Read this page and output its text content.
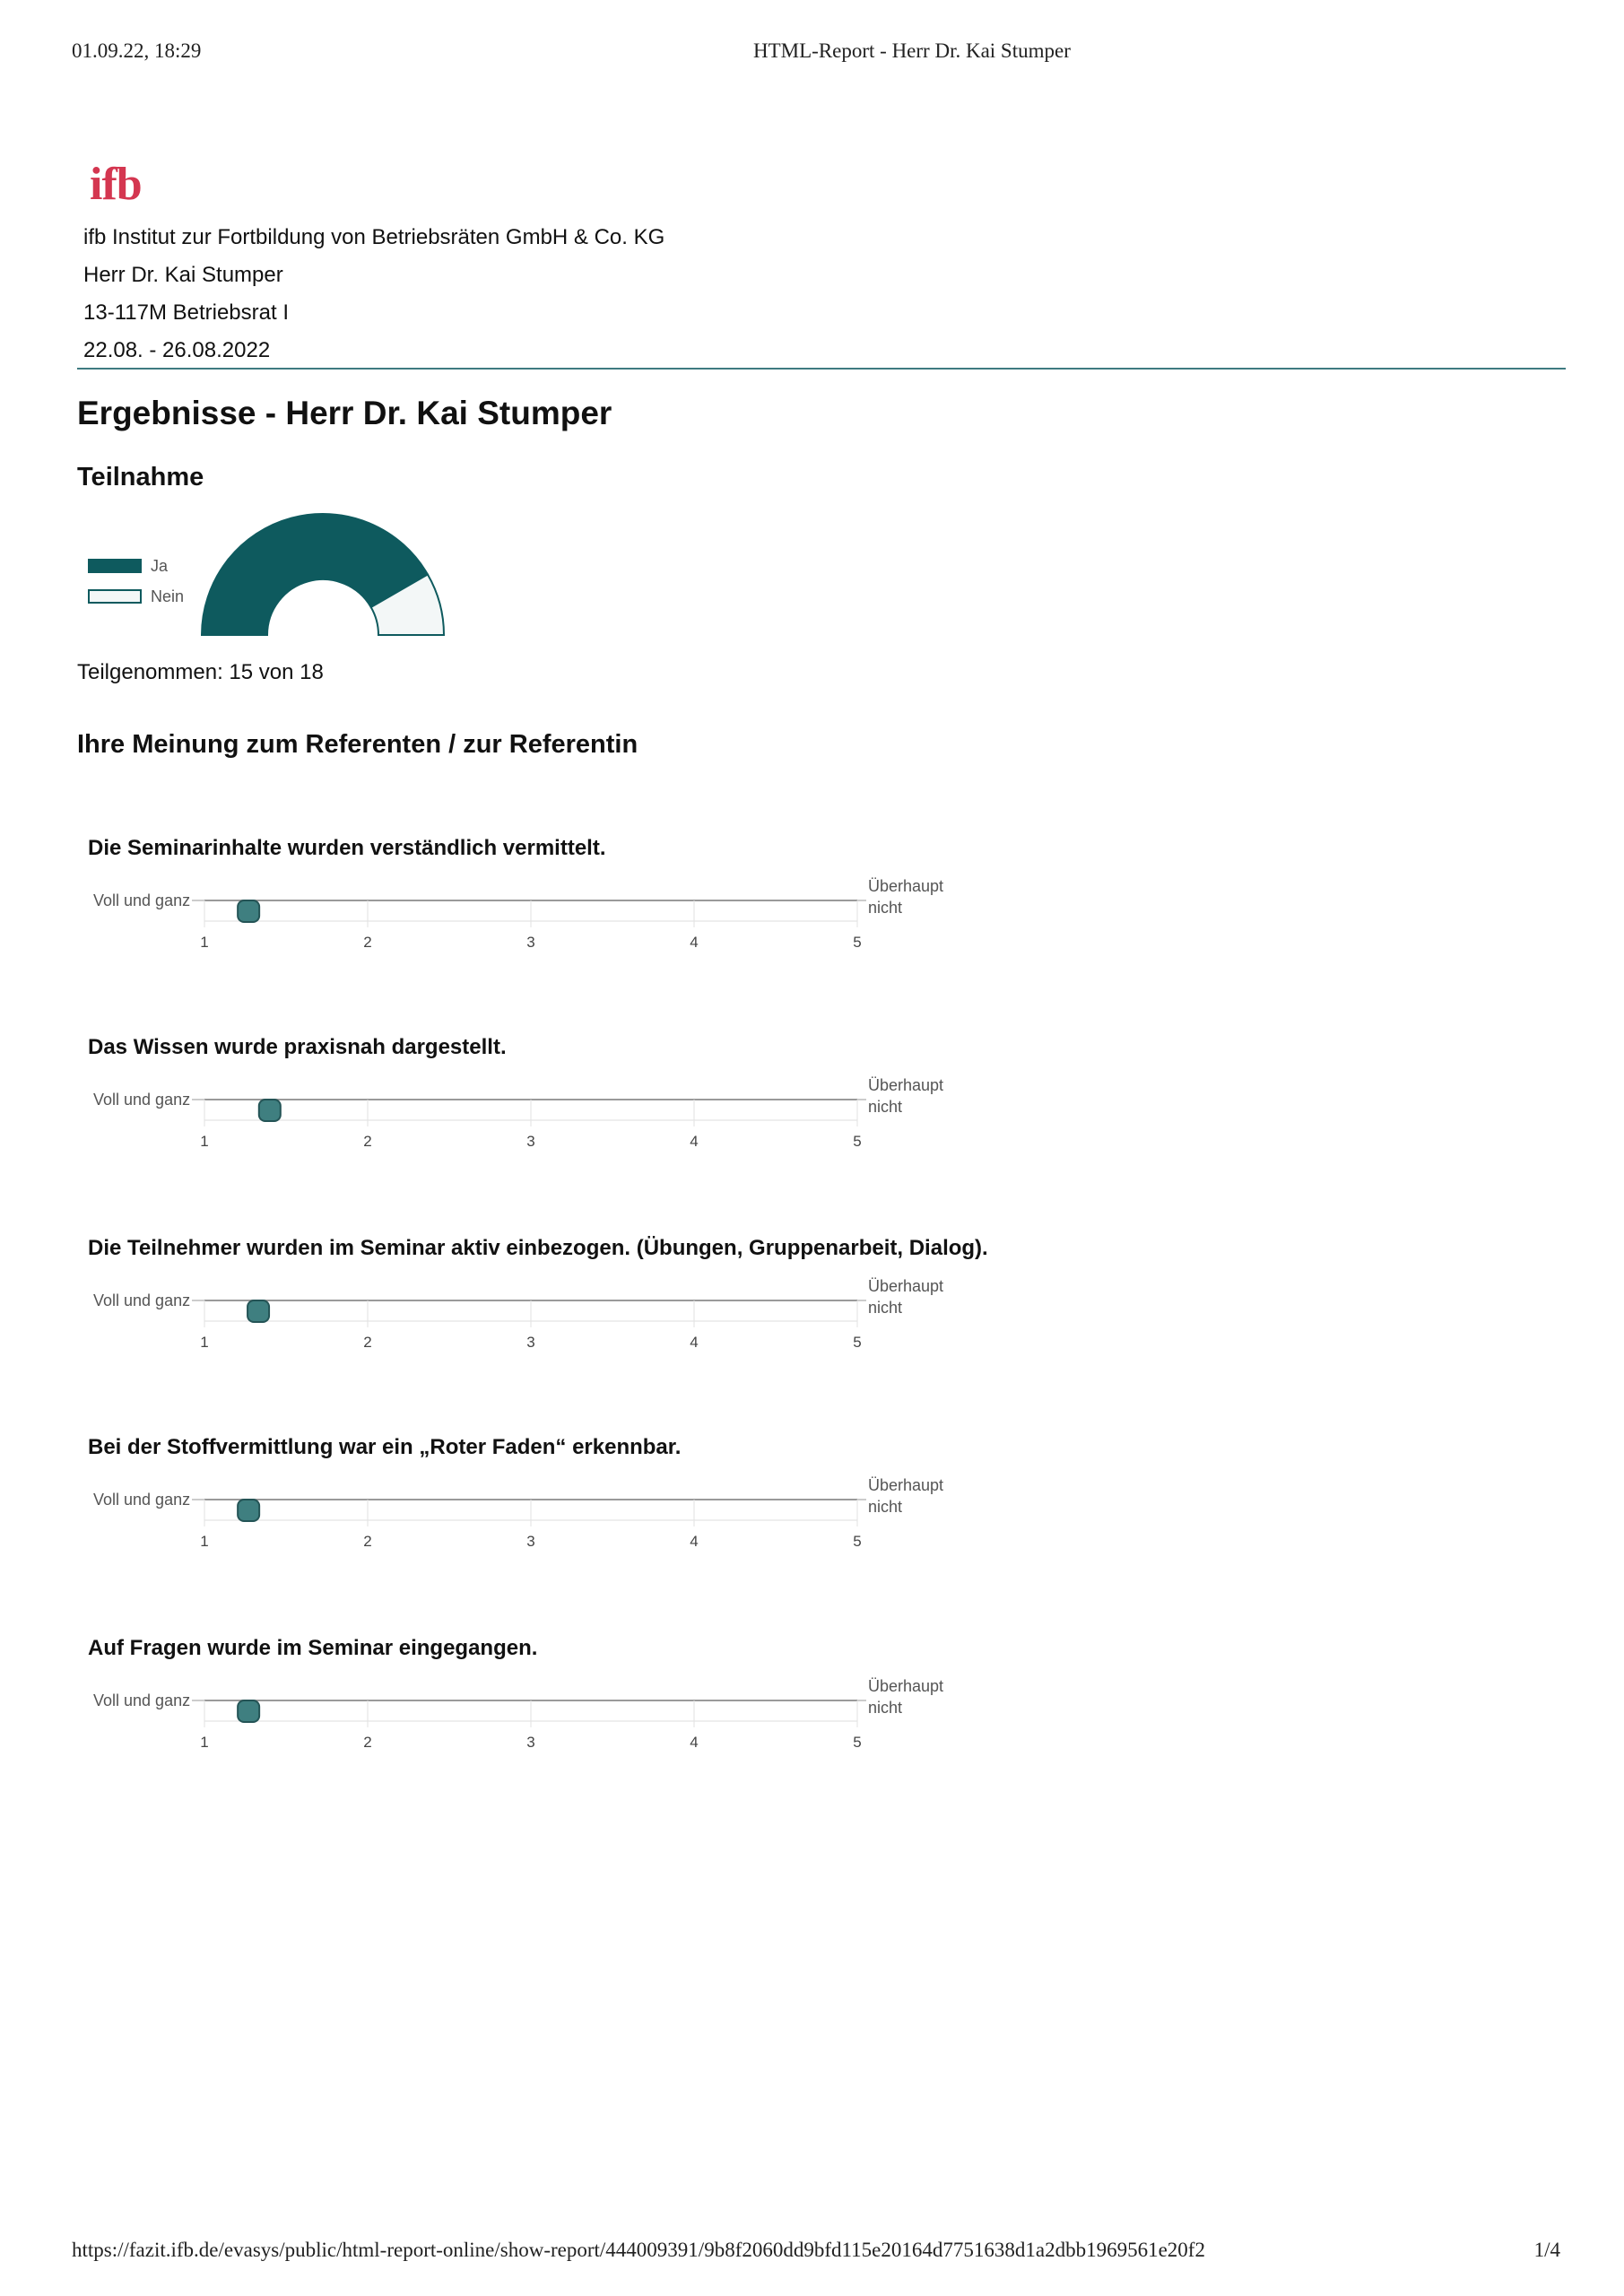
01.09.22, 18:29	HTML-Report - Herr Dr. Kai Stumper
ifb
ifb Institut zur Fortbildung von Betriebsräten GmbH & Co. KG
Herr Dr. Kai Stumper
13-117M Betriebsrat I
22.08. - 26.08.2022
Ergebnisse - Herr Dr. Kai Stumper
Teilnahme
Ja
Nein
Teilgenommen: 15 von 18
Ihre Meinung zum Referenten / zur Referentin
Die Seminarinhalte wurden verständlich vermittelt.
Voll und ganz
Überhaupt
nicht
1	2	3	4	5
Das Wissen wurde praxisnah dargestellt.
Voll und ganz
Überhaupt
nicht
1	2	3	4	5
Die Teilnehmer wurden im Seminar aktiv einbezogen. (Übungen, Gruppenarbeit, Dialog).
Voll und ganz
Überhaupt
nicht
1	2	3	4	5
Bei der Stoffvermittlung war ein „Roter Faden“ erkennbar.
Voll und ganz
Überhaupt
nicht
1	2	3	4	5
Auf Fragen wurde im Seminar eingegangen.
Voll und ganz
Überhaupt
nicht
1	2	3	4	5
https://fazit.ifb.de/evasys/public/html-report-online/show-report/444009391/9b8f2060dd9bfd115e20164d7751638d1a2dbb1969561e20f2	1/4
